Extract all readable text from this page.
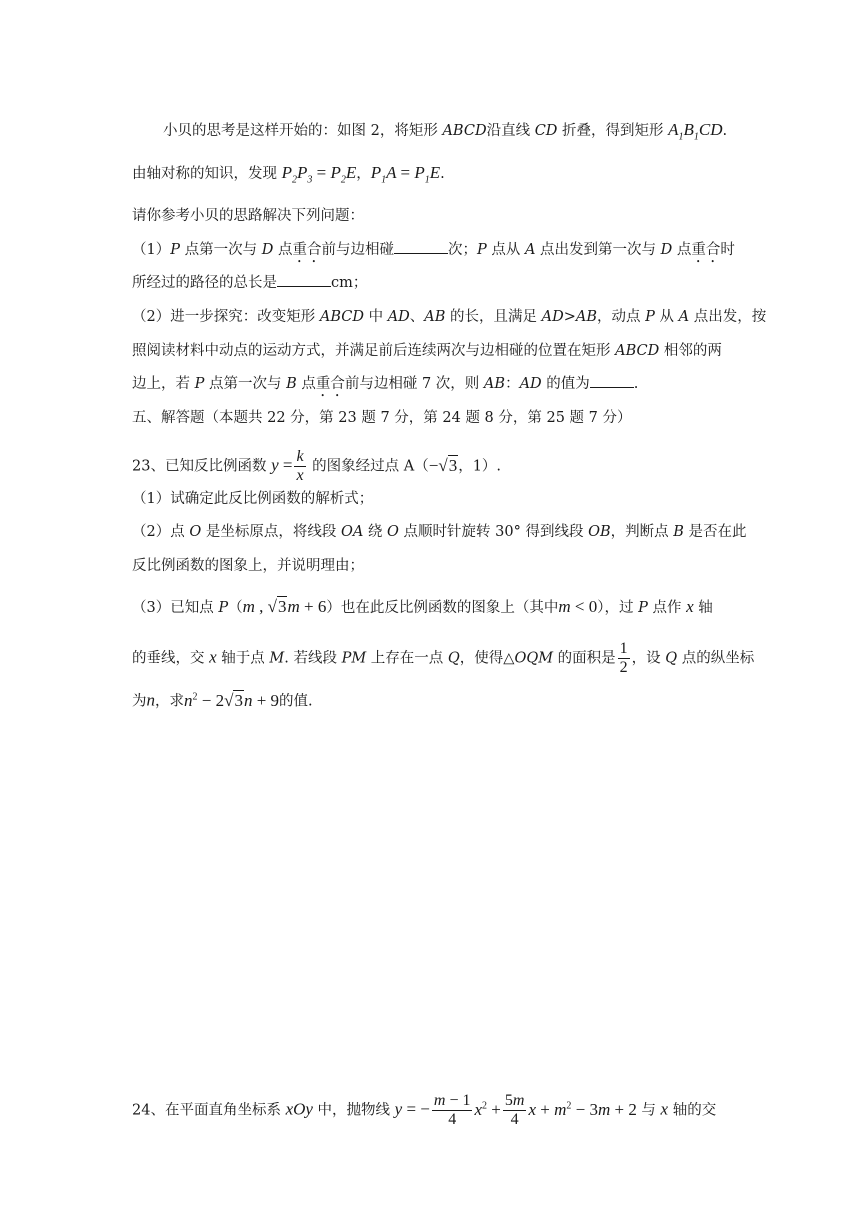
小贝的思考是这样开始的：如图 2，将矩形 ABCD沿直线 CD 折叠，得到矩形 $A_1B_1CD$.
由轴对称的知识，发现 $P_2P_3 = P_2E$，$P_1A = P_1E$.
请你参考小贝的思路解决下列问题：
（1）P 点第一次与 D 点重合前与边相碰	次；P 点从 A 点出发到第一次与 D 点重合时
所经过的路径的总长是	cm；
（2）进一步探究：改变矩形 ABCD 中 AD、AB 的长，且满足 AD>AB，动点 P 从 A 点出发，按
照阅读材料中动点的运动方式，并满足前后连续两次与边相碰的位置在矩形 ABCD 相邻的两
边上，若 P 点第一次与 B 点重合前与边相碰 7 次，则 AB：AD 的值为	.
五、解答题（本题共 22 分，第 23 题 7 分，第 24 题 8 分，第 25 题 7 分）
23、已知反比例函数 $y = \frac{k}{x}$ 的图象经过点 A（−√3，1）.
（1）试确定此反比例函数的解析式；
（2）点 O 是坐标原点，将线段 OA 绕 O 点顺时针旋转 30° 得到线段 OB，判断点 B 是否在此
反比例函数的图象上，并说明理由；
（3）已知点 P（m , √3m + 6）也在此反比例函数的图象上（其中m < 0），过 P 点作 x 轴
的垂线，交 x 轴于点 M. 若线段 PM 上存在一点 Q，使得△OQM 的面积是 $\frac{1}{2}$ ，设 Q 点的纵坐标
为n，求$n^2 - 2√3n + 9$的值.
24、在平面直角坐标系 xOy 中，抛物线 y = − $\frac{m - 1}{4} x^2 + \frac{5m}{4}$ $x + m^2 - 3m + 2$ 与 x 轴的交
